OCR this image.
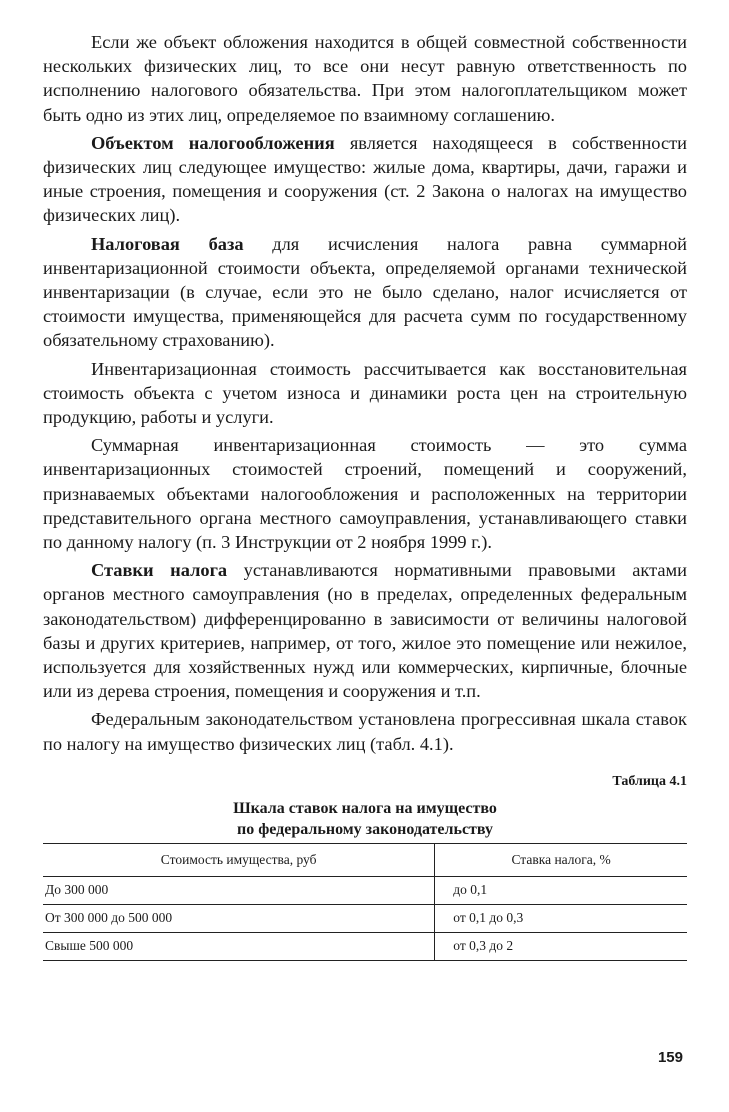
Если же объект обложения находится в общей совместной собственности нескольких физических лиц, то все они несут равную ответственность по исполнению налогового обязательства. При этом налогоплательщиком может быть одно из этих лиц, определяемое по взаимному соглашению.

Объектом налогообложения является находящееся в собственности физических лиц следующее имущество: жилые дома, квартиры, дачи, гаражи и иные строения, помещения и сооружения (ст. 2 Закона о налогах на имущество физических лиц).

Налоговая база для исчисления налога равна суммарной инвентаризационной стоимости объекта, определяемой органами технической инвентаризации (в случае, если это не было сделано, налог исчисляется от стоимости имущества, применяющейся для расчета сумм по государственному обязательному страхованию).

Инвентаризационная стоимость рассчитывается как восстановительная стоимость объекта с учетом износа и динамики роста цен на строительную продукцию, работы и услуги.

Суммарная инвентаризационная стоимость — это сумма инвентаризационных стоимостей строений, помещений и сооружений, признаваемых объектами налогообложения и расположенных на территории представительного органа местного самоуправления, устанавливающего ставки по данному налогу (п. 3 Инструкции от 2 ноября 1999 г.).

Ставки налога устанавливаются нормативными правовыми актами органов местного самоуправления (но в пределах, определенных федеральным законодательством) дифференцированно в зависимости от величины налоговой базы и других критериев, например, от того, жилое это помещение или нежилое, используется для хозяйственных нужд или коммерческих, кирпичные, блочные или из дерева строения, помещения и сооружения и т.п.

Федеральным законодательством установлена прогрессивная шкала ставок по налогу на имущество физических лиц (табл. 4.1).

Таблица 4.1
Шкала ставок налога на имущество
по федеральному законодательству
Стоимость имущества, руб	Ставка налога, %
До 300 000	до 0,1
От 300 000 до 500 000	от 0,1 до 0,3
Свыше 500 000	от 0,3 до 2
159
